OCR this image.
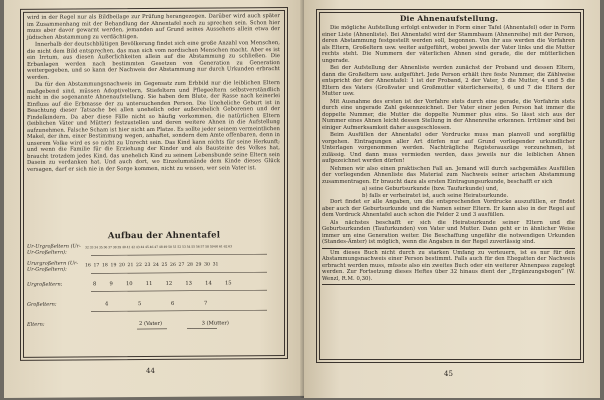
wird in der Regel nur als Bildbeilage zur Prüfung herangezogen. Darüber wird auch später im Zusammenhang mit der Behandlung der Ahnentafel noch zu sprechen sein. Schon hier muss aber davor gewarnt werden, jemanden auf Grund seines Aussehens allein etwa der jüdischen Abstammung zu verdächtigen.

Innerhalb der deutschblütigen Bevölkerung findet sich eine große Anzahl von Menschen, die nicht dem Bild entsprechen, das man sich vom nordischen Menschen macht. Aber es ist ein Irrtum, aus diesen Äußerlichkeiten allein auf die Abstammung zu schließen. Die Erbanlagen werden nach bestimmten Gesetzen von Generation zu Generation weitergegeben, und so kann der Nachweis der Abstammung nur durch Urkunden erbracht werden.

Da für den Abstammungsnachweis im Gegensatz zum Erbbild nur die leiblichen Eltern maßgebend sind, müssen Adoptiveltern, Stiefeltern und Pflegeeltern selbstverständlich nicht in die sogenannte Ahnenaufstellung. Sie haben dem Blute, der Rasse nach keinerlei Einfluss auf die Erbmasse der zu untersuchenden Person. Die Uneheliche Geburt ist in Beachtung dieser Tatsache bei allen unehelich oder außerehelich Geborenen und der Findelkindern. Da aber diese Fälle nicht so häufig vorkommen, die natürlichen Eltern (leiblichen Väter und Mütter) festzustellen und deren weitere Ahnen in die Aufstellung aufzunehmen. Falsche Scham ist hier nicht am Platze. Es sollte jeder seinem vermeintlichen Makel, der ihm, einer Bestimmung wegen, anhaftet, sondern dem Amte offenbaren, denn in unserem Volke wird es so nicht zu Unrecht sein. Das Kind kann nichts für seine Herkunft; und wenn die Familie für die Erziehung der Kinder und als Bausteine des Volkes hat, braucht trotzdem jedes Kind, das unehelich Kind zu seinem Lebensbunde seine Eltern sein Dasein zu verdanken hat. Und auch dort, wo Einzelumstände dem Kinde dieses Glück versagen, darf er sich nie in der Sorge kommen, nicht zu wissen, wer sein Vater ist.

Aufbau der Ahnentafel
Ur-Urgroßeltern (Ur-Ur-Großeltern):
32 33 34 35 36 37 38 39 40 41 42 43 44 45 46 47 48 49 50 51 52 53 54 55 56 57 58 59 60 61 62 63
Ururgroßeltern (Ur-Ur-Großeltern):
16 17 18 19 20 21 22 23 24 25 26 27 28 29 30 31
Urgroßeltern:	8        9        10        11        12        13        14        15
Großeltern:	4                  5                  6                  7
Eltern:	2 (Vater)                        3 (Mutter)
44
Die Ahnenaufstellung.

Die mögliche Aufstellung erfolgt entweder in Form einer Tafel (Ahnentafel) oder in Form einer Liste (Ahnenliste). Bei Ahnentafel wird der Stammbaum (Ahnenreihe) mit der Person, deren Abstammung festgestellt werden soll, begonnen. Von ihr aus werden die Vorfahren als Eltern, Großeltern usw. weiter aufgeführt, wobei jeweils der Vater links und die Mutter rechts steht. Die Nummern der väterlichen Ahnen sind gerade, die der mütterlichen ungerade.

Bei der Aufstellung der Ahnenliste werden zunächst der Proband und dessen Eltern, dann die Großeltern usw. aufgeführt. Jede Person erhält ihre feste Nummer, die Zählweise entspricht der der Ahnentafel: 1 ist der Proband, 2 der Vater, 3 die Mutter, 4 und 5 die Eltern des Vaters (Großvater und Großmutter väterlicherseits), 6 und 7 die Eltern der Mutter usw.

Mit Ausnahme des ersten ist der Vorfahre stets durch eine gerade, die Vorfahrin stets durch eine ungerade Zahl gekennzeichnet. Der Vater einer jeden Person hat immer die doppelte Nummer, die Mutter die doppelte Nummer plus eins. So lässt sich aus der Nummer eines Ahnen leicht dessen Stellung in der Ahnenreihe erkennen. Irrtümer sind bei einiger Aufmerksamkeit daher ausgeschlossen.

Beim Ausfüllen der Ahnentafel oder Vordrucke muss man planvoll und sorgfältig vorgehen. Eintragungen aller Art dürfen nur auf Grund vorliegender urkundlicher Unterlagen vorgenommen werden. Nachträgliche Registerauszüge vorzunehmen, ist zulässig. Und dann muss vermieden werden, dass jeweils nur die leiblichen Ahnen aufgezeichnet werden dürfen!

Nehmen wir also einen praktischen Fall an. Jemand will durch sachgemäßes Ausfüllen der vorliegenden Ahnenliste das Material zum Nachweis seiner arischen Abstammung zusammentragen. Er braucht dazu als ersten Eintragungsurkunde, beschafft er sich

a) seine Geburtsurkunde (bzw. Taufurkunde) und,
b) falls er verheiratet ist, auch seine Heiratsurkunde.

Dort findet er alle Angaben, um die entsprechenden Vordrucke auszufüllen, er findet aber auch der Geburtsurkunde und die Namen seiner Eltern. Er kann also in der Regel auf dem Vordruck Ahnentafel auch schon die Felder 2 und 3 ausfüllen.

Als nächstes beschafft er sich die Heiratsurkunde seiner Eltern und die Geburtsurkunden (Taufurkunden) von Vater und Mutter. Dann geht er in ähnlicher Weise immer um eine Generation weiter. Die Beschaffung ungefähr die notwendigen Urkunden (Standes-Ämter) ist möglich, wenn die Angaben in der Regel zuverlässig sind.

Um dieses Buch nicht durch zu starken Umfang zu verteuern, ist es nur für den Abstammungsnachweis einer Person bestimmt. Falls auch für den Ehegatten der Nachweis erbracht werden muss, müsste also ein zweites Buch oder ein weiterer Ahnenpass zugelegt werden. Zur Fortsetzung dieses Heftes über 32 hinaus dient der „Ergänzungsbogen“ (W. Wenzl, R.M. 0,30).

45
